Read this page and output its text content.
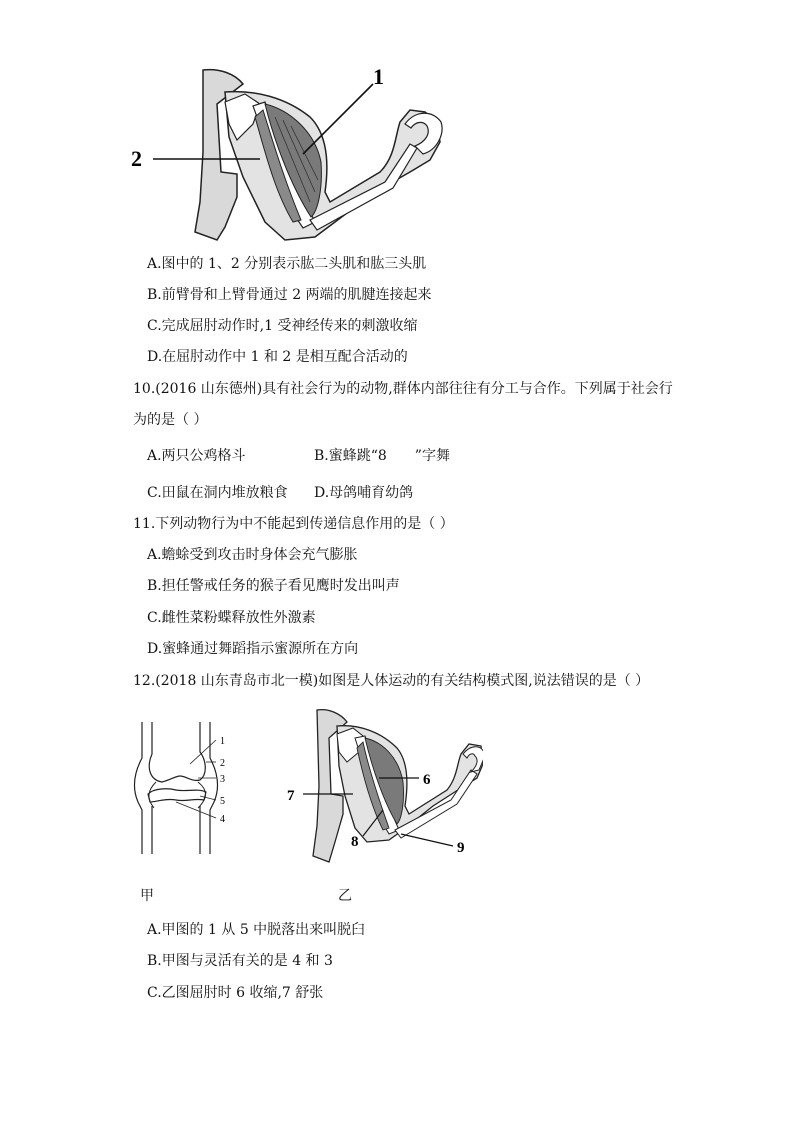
1
2
A.图中的 1、2 分别表示肱二头肌和肱三头肌
B.前臂骨和上臂骨通过 2 两端的肌腱连接起来
C.完成屈肘动作时,1 受神经传来的刺激收缩
D.在屈肘动作中 1 和 2 是相互配合活动的
10.(2016 山东德州)具有社会行为的动物,群体内部往往有分工与合作。下列属于社会行
为的是（ ）
A.两只公鸡格斗	B.蜜蜂跳“8　　”字舞
C.田鼠在洞内堆放粮食 D.母鸽哺育幼鸽
11.下列动物行为中不能起到传递信息作用的是（ ）
A.蟾蜍受到攻击时身体会充气膨胀
B.担任警戒任务的猴子看见鹰时发出叫声
C.雌性菜粉蝶释放性外激素
D.蜜蜂通过舞蹈指示蜜源所在方向
12.(2018 山东青岛市北一模)如图是人体运动的有关结构模式图,说法错误的是（ ）
1
2
3
5
4
6
7
8	9
甲	乙
A.甲图的 1 从 5 中脱落出来叫脱臼
B.甲图与灵活有关的是 4 和 3
C.乙图屈肘时 6 收缩,7 舒张
